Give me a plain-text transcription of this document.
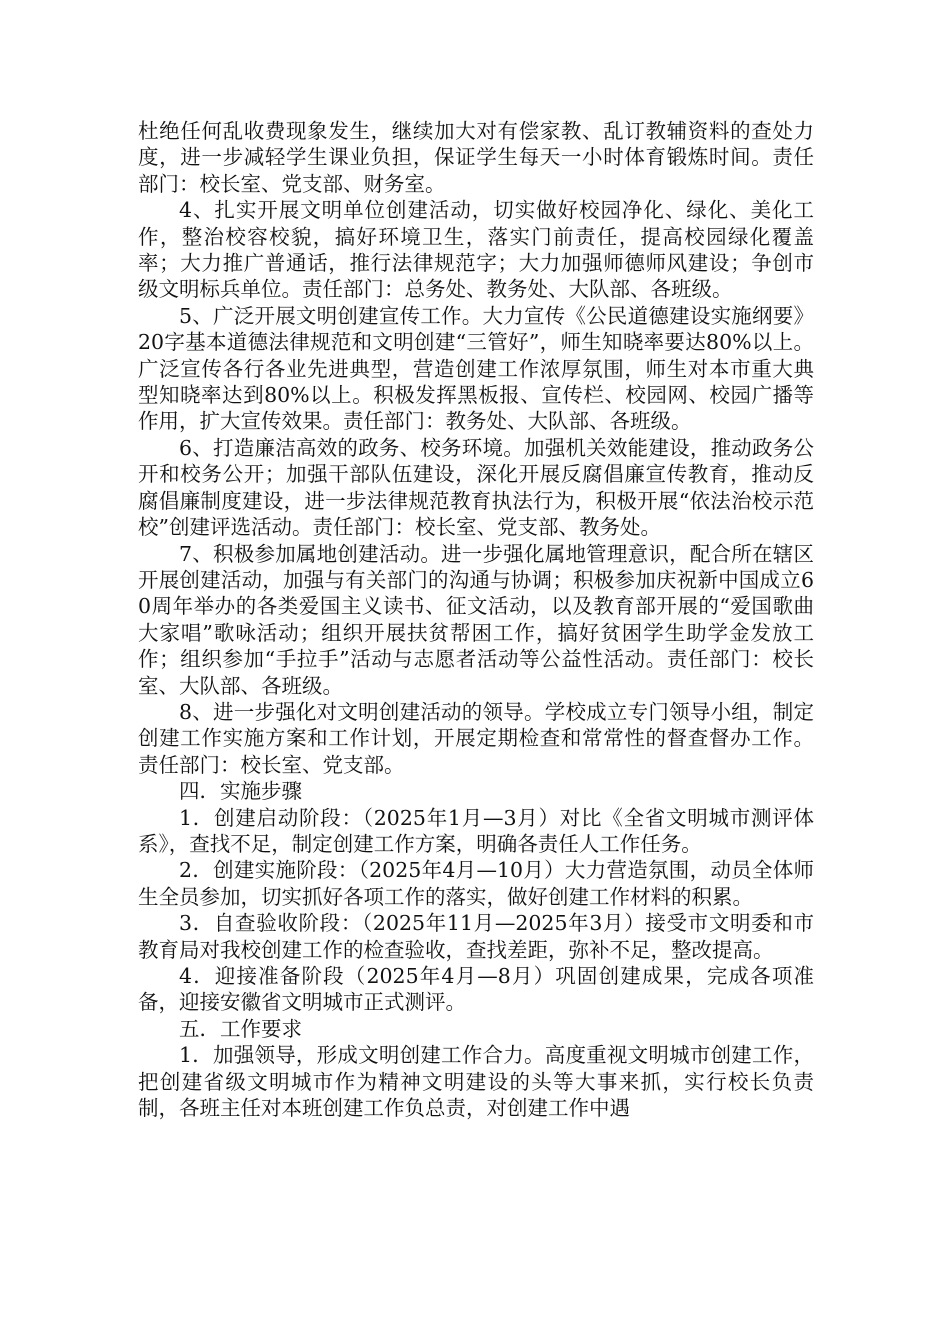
杜绝任何乱收费现象发生，继续加大对有偿家教、乱订教辅资料的查处力度，进一步减轻学生课业负担，保证学生每天一小时体育锻炼时间。责任部门：校长室、党支部、财务室。

4、扎实开展文明单位创建活动，切实做好校园净化、绿化、美化工作，整治校容校貌，搞好环境卫生，落实门前责任，提高校园绿化覆盖率；大力推广普通话，推行法律规范字；大力加强师德师风建设；争创市级文明标兵单位。责任部门：总务处、教务处、大队部、各班级。

5、广泛开展文明创建宣传工作。大力宣传《公民道德建设实施纲要》20字基本道德法律规范和文明创建“三管好”，师生知晓率要达80%以上。广泛宣传各行各业先进典型，营造创建工作浓厚氛围，师生对本市重大典型知晓率达到80%以上。积极发挥黑板报、宣传栏、校园网、校园广播等作用，扩大宣传效果。责任部门：教务处、大队部、各班级。

6、打造廉洁高效的政务、校务环境。加强机关效能建设，推动政务公开和校务公开；加强干部队伍建设，深化开展反腐倡廉宣传教育，推动反腐倡廉制度建设，进一步法律规范教育执法行为，积极开展“依法治校示范校”创建评选活动。责任部门：校长室、党支部、教务处。

7、积极参加属地创建活动。进一步强化属地管理意识，配合所在辖区开展创建活动，加强与有关部门的沟通与协调；积极参加庆祝新中国成立60周年举办的各类爱国主义读书、征文活动，以及教育部开展的“爱国歌曲大家唱”歌咏活动；组织开展扶贫帮困工作，搞好贫困学生助学金发放工作；组织参加“手拉手”活动与志愿者活动等公益性活动。责任部门：校长室、大队部、各班级。

8、进一步强化对文明创建活动的领导。学校成立专门领导小组，制定创建工作实施方案和工作计划，开展定期检查和常常性的督查督办工作。责任部门：校长室、党支部。

四．实施步骤

1．创建启动阶段：（2025年1月—3月）对比《全省文明城市测评体系》，查找不足，制定创建工作方案，明确各责任人工作任务。

2．创建实施阶段：（2025年4月—10月）大力营造氛围，动员全体师生全员参加，切实抓好各项工作的落实，做好创建工作材料的积累。

3．自查验收阶段：（2025年11月—2025年3月）接受市文明委和市教育局对我校创建工作的检查验收，查找差距，弥补不足，整改提高。

4．迎接准备阶段（2025年4月—8月）巩固创建成果，完成各项准备，迎接安徽省文明城市正式测评。

五．工作要求

1．加强领导，形成文明创建工作合力。高度重视文明城市创建工作，把创建省级文明城市作为精神文明建设的头等大事来抓，实行校长负责制，各班主任对本班创建工作负总责，对创建工作中遇
